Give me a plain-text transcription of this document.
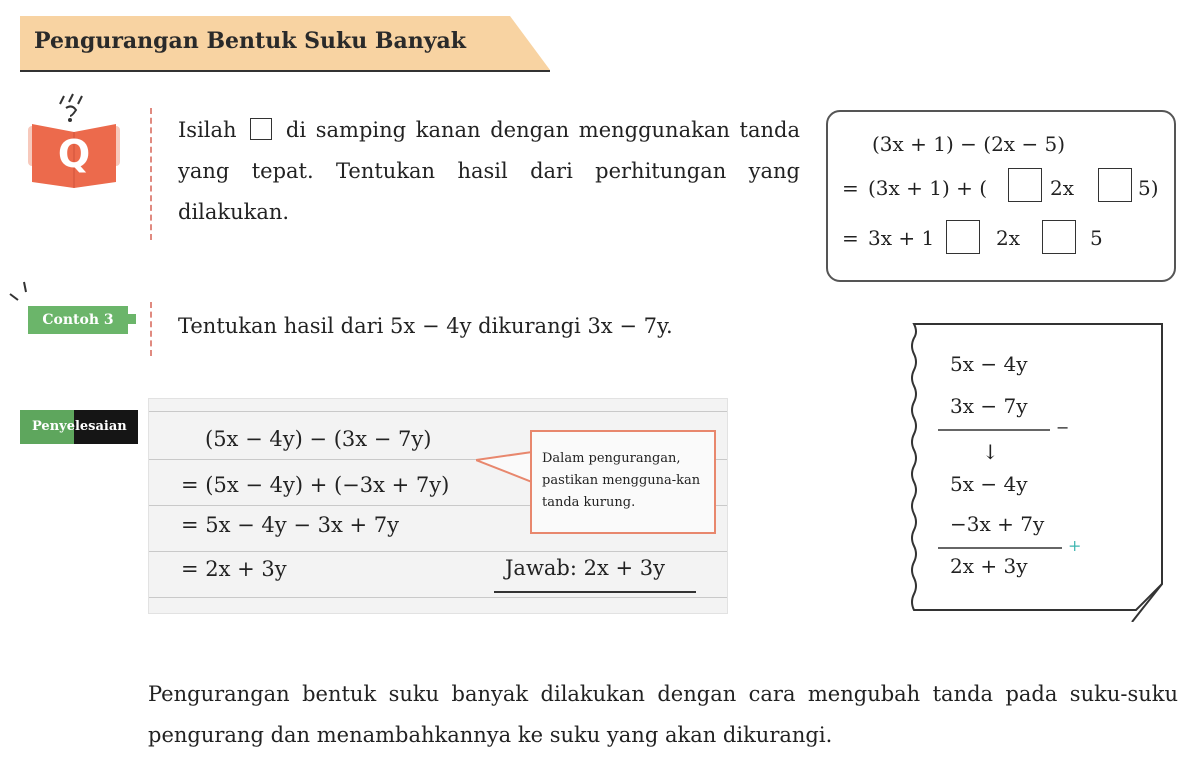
Pengurangan Bentuk Suku Banyak
Q
Isilah di samping kanan dengan menggunakan tanda yang tepat. Tentukan hasil dari perhitungan yang dilakukan.
(3x + 1) − (2x − 5)
= (3x + 1) + (	2x	5)
= 3x + 1	2x	5
Contoh 3	Tentukan hasil dari 5x − 4y dikurangi 3x − 7y.
Penyelesaian
(5x − 4y) − (3x − 7y)
= (5x − 4y) + (−3x + 7y)
= 5x − 4y − 3x + 7y
= 2x + 3y
Dalam pengurangan, pastikan mengguna-kan tanda kurung.
Jawab: 2x + 3y
5x − 4y
3x − 7y
−
↓
5x − 4y
−3x + 7y
+
2x + 3y
Pengurangan bentuk suku banyak dilakukan dengan cara mengubah tanda pada suku-suku pengurang dan menambahkannya ke suku yang akan dikurangi.
